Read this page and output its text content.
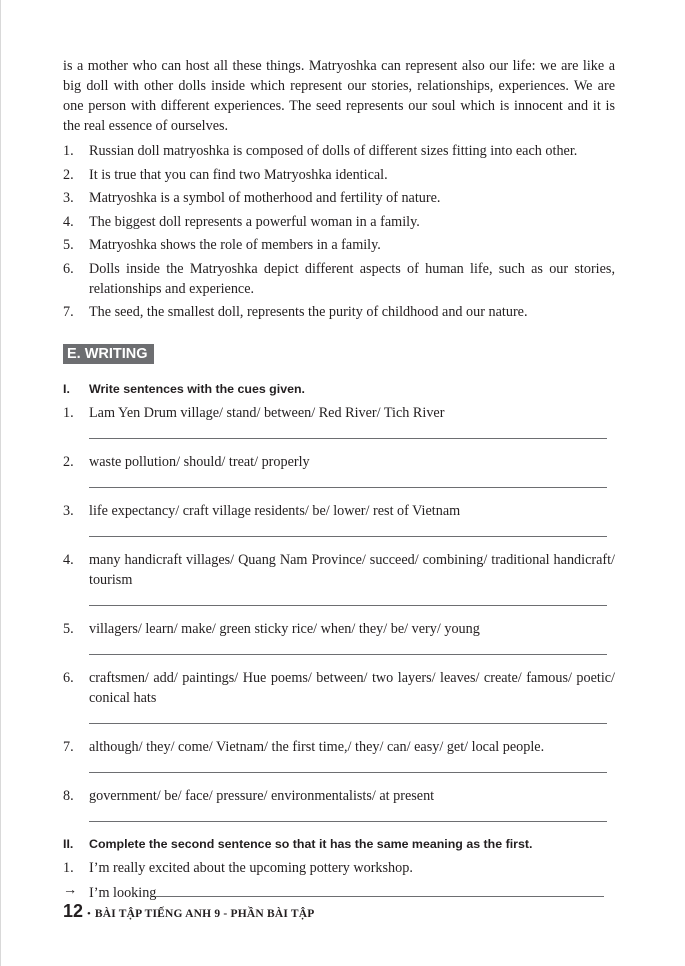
is a mother who can host all these things. Matryoshka can represent also our life: we are like a big doll with other dolls inside which represent our stories, relationships, experiences. We are one person with different experiences. The seed represents our soul which is innocent and it is the real essence of ourselves.

1. Russian doll matryoshka is composed of dolls of different sizes fitting into each other.
2. It is true that you can find two Matryoshka identical.
3. Matryoshka is a symbol of motherhood and fertility of nature.
4. The biggest doll represents a powerful woman in a family.
5. Matryoshka shows the role of members in a family.
6. Dolls inside the Matryoshka depict different aspects of human life, such as our stories, relationships and experience.
7. The seed, the smallest doll, represents the purity of childhood and our nature.
E. WRITING
I. Write sentences with the cues given.
1. Lam Yen Drum village/ stand/ between/ Red River/ Tich River
2. waste pollution/ should/ treat/ properly
3. life expectancy/ craft village residents/ be/ lower/ rest of Vietnam
4. many handicraft villages/ Quang Nam Province/ succeed/ combining/ traditional handicraft/ tourism
5. villagers/ learn/ make/ green sticky rice/ when/ they/ be/ very/ young
6. craftsmen/ add/ paintings/ Hue poems/ between/ two layers/ leaves/ create/ famous/ poetic/ conical hats
7. although/ they/ come/ Vietnam/ the first time,/ they/ can/ easy/ get/ local people.
8. government/ be/ face/ pressure/ environmentalists/ at present
II. Complete the second sentence so that it has the same meaning as the first.
1. I’m really excited about the upcoming pottery workshop.
→ I’m looking
12 • BÀI TẬP TIẾNG ANH 9 - PHẦN BÀI TẬP
